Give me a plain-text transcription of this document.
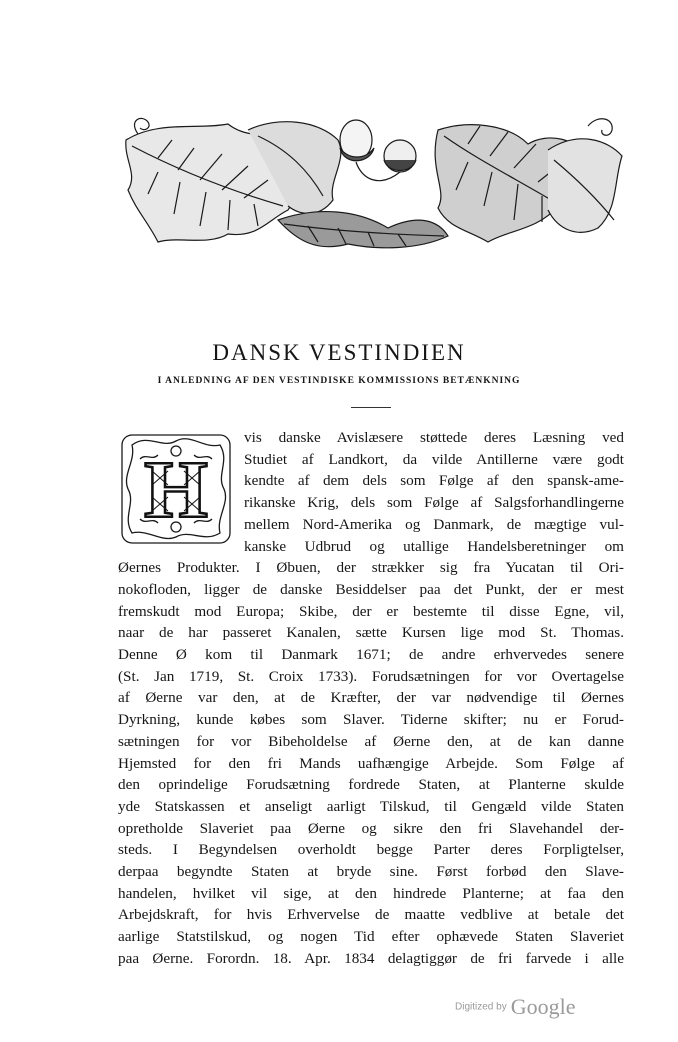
DANSK VESTINDIEN
I ANLEDNING AF DEN VESTINDISKE KOMMISSIONS BETÆNKNING
H
vis danske Avislæsere støttede deres Læsning ved
Studiet af Landkort, da vilde Antillerne være godt
kendte af dem dels som Følge af den spansk-ame-
rikanske Krig, dels som Følge af Salgsforhandlingerne
mellem Nord-Amerika og Danmark, de mægtige vul-
kanske Udbrud og utallige Handelsberetninger om
Øernes Produkter. I Øbuen, der strækker sig fra Yucatan til Ori-
nokofloden, ligger de danske Besiddelser paa det Punkt, der er mest
fremskudt mod Europa; Skibe, der er bestemte til disse Egne, vil,
naar de har passeret Kanalen, sætte Kursen lige mod St. Thomas.
Denne Ø kom til Danmark 1671; de andre erhvervedes senere
(St. Jan 1719, St. Croix 1733). Forudsætningen for vor Overtagelse
af Øerne var den, at de Kræfter, der var nødvendige til Øernes
Dyrkning, kunde købes som Slaver. Tiderne skifter; nu er Forud-
sætningen for vor Bibeholdelse af Øerne den, at de kan danne
Hjemsted for den fri Mands uafhængige Arbejde. Som Følge af
den oprindelige Forudsætning fordrede Staten, at Planterne skulde
yde Statskassen et anseligt aarligt Tilskud, til Gengæld vilde Staten
opretholde Slaveriet paa Øerne og sikre den fri Slavehandel der-
steds. I Begyndelsen overholdt begge Parter deres Forpligtelser,
derpaa begyndte Staten at bryde sine. Først forbød den Slave-
handelen, hvilket vil sige, at den hindrede Planterne; at faa den
Arbejdskraft, for hvis Erhvervelse de maatte vedblive at betale det
aarlige Statstilskud, og nogen Tid efter ophævede Staten Slaveriet
paa Øerne. Forordn. 18. Apr. 1834 delagtiggør de fri farvede i alle
Digitized by Google
